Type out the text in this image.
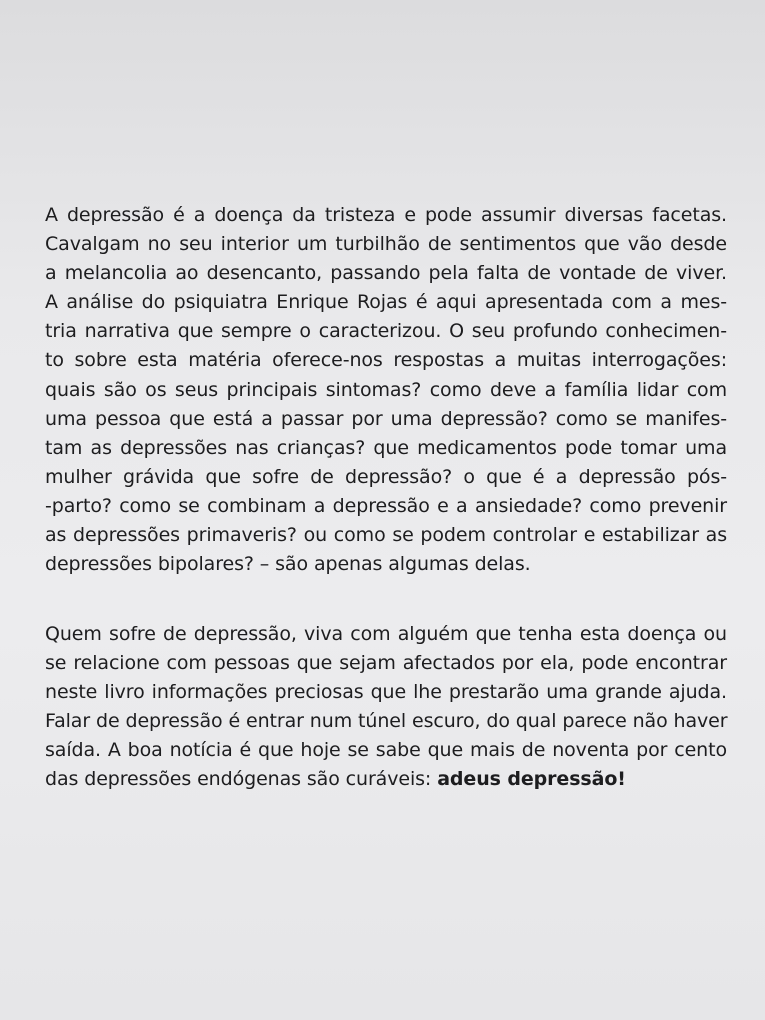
A depressão é a doença da tristeza e pode assumir diversas facetas.
Cavalgam no seu interior um turbilhão de sentimentos que vão desde
a melancolia ao desencanto, passando pela falta de vontade de viver.
A análise do psiquiatra Enrique Rojas é aqui apresentada com a mes-
tria narrativa que sempre o caracterizou. O seu profundo conhecimen-
to sobre esta matéria oferece-nos respostas a muitas interrogações:
quais são os seus principais sintomas? como deve a família lidar com
uma pessoa que está a passar por uma depressão? como se manifes-
tam as depressões nas crianças? que medicamentos pode tomar uma
mulher grávida que sofre de depressão? o que é a depressão pós-
-parto? como se combinam a depressão e a ansiedade? como prevenir
as depressões primaveris? ou como se podem controlar e estabilizar as
depressões bipolares? – são apenas algumas delas.
Quem sofre de depressão, viva com alguém que tenha esta doença ou
se relacione com pessoas que sejam afectados por ela, pode encontrar
neste livro informações preciosas que lhe prestarão uma grande ajuda.
Falar de depressão é entrar num túnel escuro, do qual parece não haver
saída. A boa notícia é que hoje se sabe que mais de noventa por cento
das depressões endógenas são curáveis: adeus depressão!
